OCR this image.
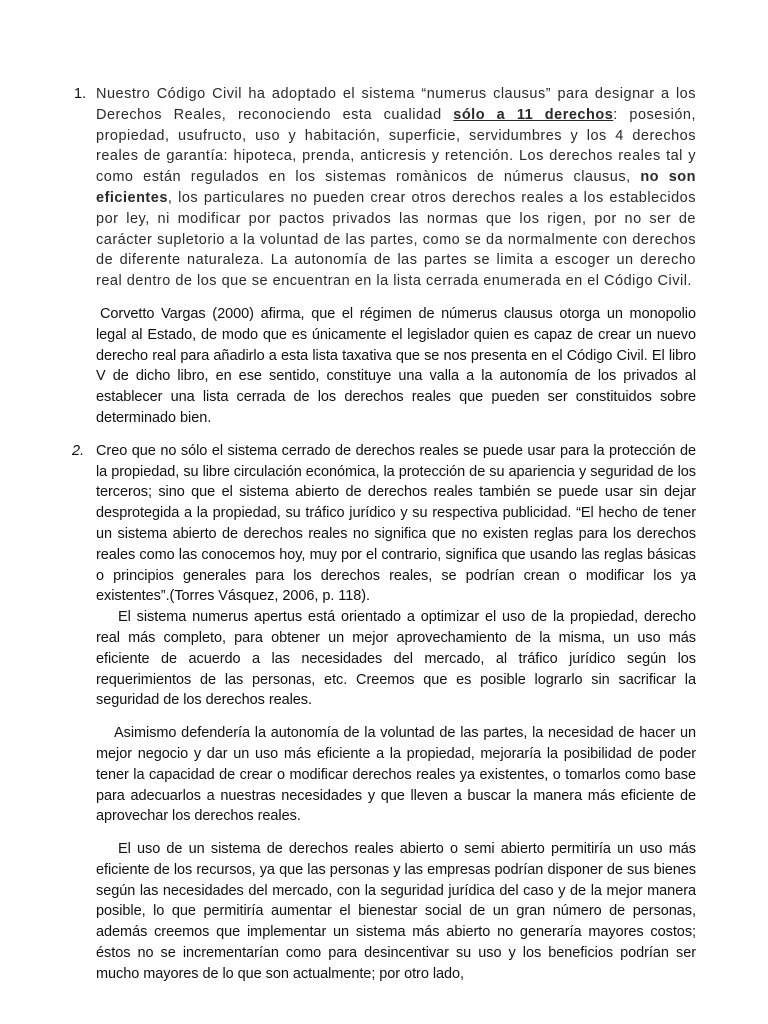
1. Nuestro Código Civil ha adoptado el sistema “numerus clausus” para designar a los Derechos Reales, reconociendo esta cualidad sólo a 11 derechos: posesión, propiedad, usufructo, uso y habitación, superficie, servidumbres y los 4 derechos reales de garantía: hipoteca, prenda, anticresis y retención. Los derechos reales tal y como están regulados en los sistemas romànicos de númerus clausus, no son eficientes, los particulares no pueden crear otros derechos reales a los establecidos por ley, ni modificar por pactos privados las normas que los rigen, por no ser de carácter supletorio a la voluntad de las partes, como se da normalmente con derechos de diferente naturaleza. La autonomía de las partes se limita a escoger un derecho real dentro de los que se encuentran en la lista cerrada enumerada en el Código Civil.

Corvetto Vargas (2000) afirma, que el régimen de númerus clausus otorga un monopolio legal al Estado, de modo que es únicamente el legislador quien es capaz de crear un nuevo derecho real para añadirlo a esta lista taxativa que se nos presenta en el Código Civil. El libro V de dicho libro, en ese sentido, constituye una valla a la autonomía de los privados al establecer una lista cerrada de los derechos reales que pueden ser constituidos sobre determinado bien.

2. Creo que no sólo el sistema cerrado de derechos reales se puede usar para la protección de la propiedad, su libre circulación económica, la protección de su apariencia y seguridad de los terceros; sino que el sistema abierto de derechos reales también se puede usar sin dejar desprotegida a la propiedad, su tráfico jurídico y su respectiva publicidad. “El hecho de tener un sistema abierto de derechos reales no significa que no existen reglas para los derechos reales como las conocemos hoy, muy por el contrario, significa que usando las reglas básicas o principios generales para los derechos reales, se podrían crean o modificar los ya existentes”.(Torres Vásquez, 2006, p. 118).

El sistema numerus apertus está orientado a optimizar el uso de la propiedad, derecho real más completo, para obtener un mejor aprovechamiento de la misma, un uso más eficiente de acuerdo a las necesidades del mercado, al tráfico jurídico según los requerimientos de las personas, etc. Creemos que es posible lograrlo sin sacrificar la seguridad de los derechos reales.

Asimismo defendería la autonomía de la voluntad de las partes, la necesidad de hacer un mejor negocio y dar un uso más eficiente a la propiedad, mejoraría la posibilidad de poder tener la capacidad de crear o modificar derechos reales ya existentes, o tomarlos como base para adecuarlos a nuestras necesidades y que lleven a buscar la manera más eficiente de aprovechar los derechos reales.

El uso de un sistema de derechos reales abierto o semi abierto permitiría un uso más eficiente de los recursos, ya que las personas y las empresas podrían disponer de sus bienes según las necesidades del mercado, con la seguridad jurídica del caso y de la mejor manera posible, lo que permitiría aumentar el bienestar social de un gran número de personas, además creemos que implementar un sistema más abierto no generaría mayores costos; éstos no se incrementarían como para desincentivar su uso y los beneficios podrían ser mucho mayores de lo que son actualmente; por otro lado,
